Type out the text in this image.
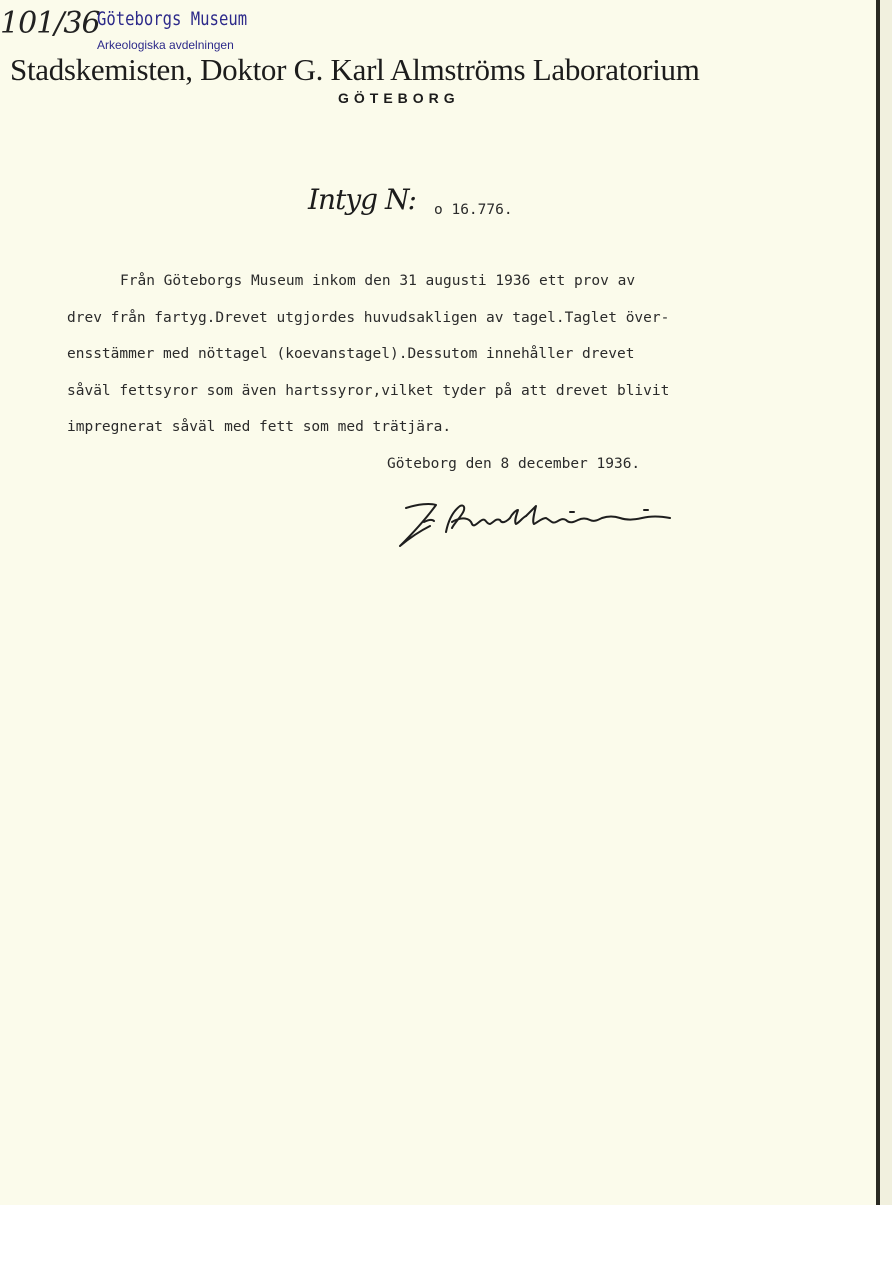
101/36
Göteborgs Museum
Arkeologiska avdelningen
Stadskemisten, Doktor G. Karl Almströms Laboratorium
GÖTEBORG
Intyg N: o 16.776.
Från Göteborgs Museum inkom den 31 augusti 1936 ett prov av
drev från fartyg.Drevet utgjordes huvudsakligen av tagel.Taglet över-
ensstämmer med nöttagel (koevanstagel).Dessutom innehåller drevet
såväl fettsyror som även hartssyror,vilket tyder på att drevet blivit
impregnerat såväl med fett som med trätjära.
Göteborg den 8 december 1936.
